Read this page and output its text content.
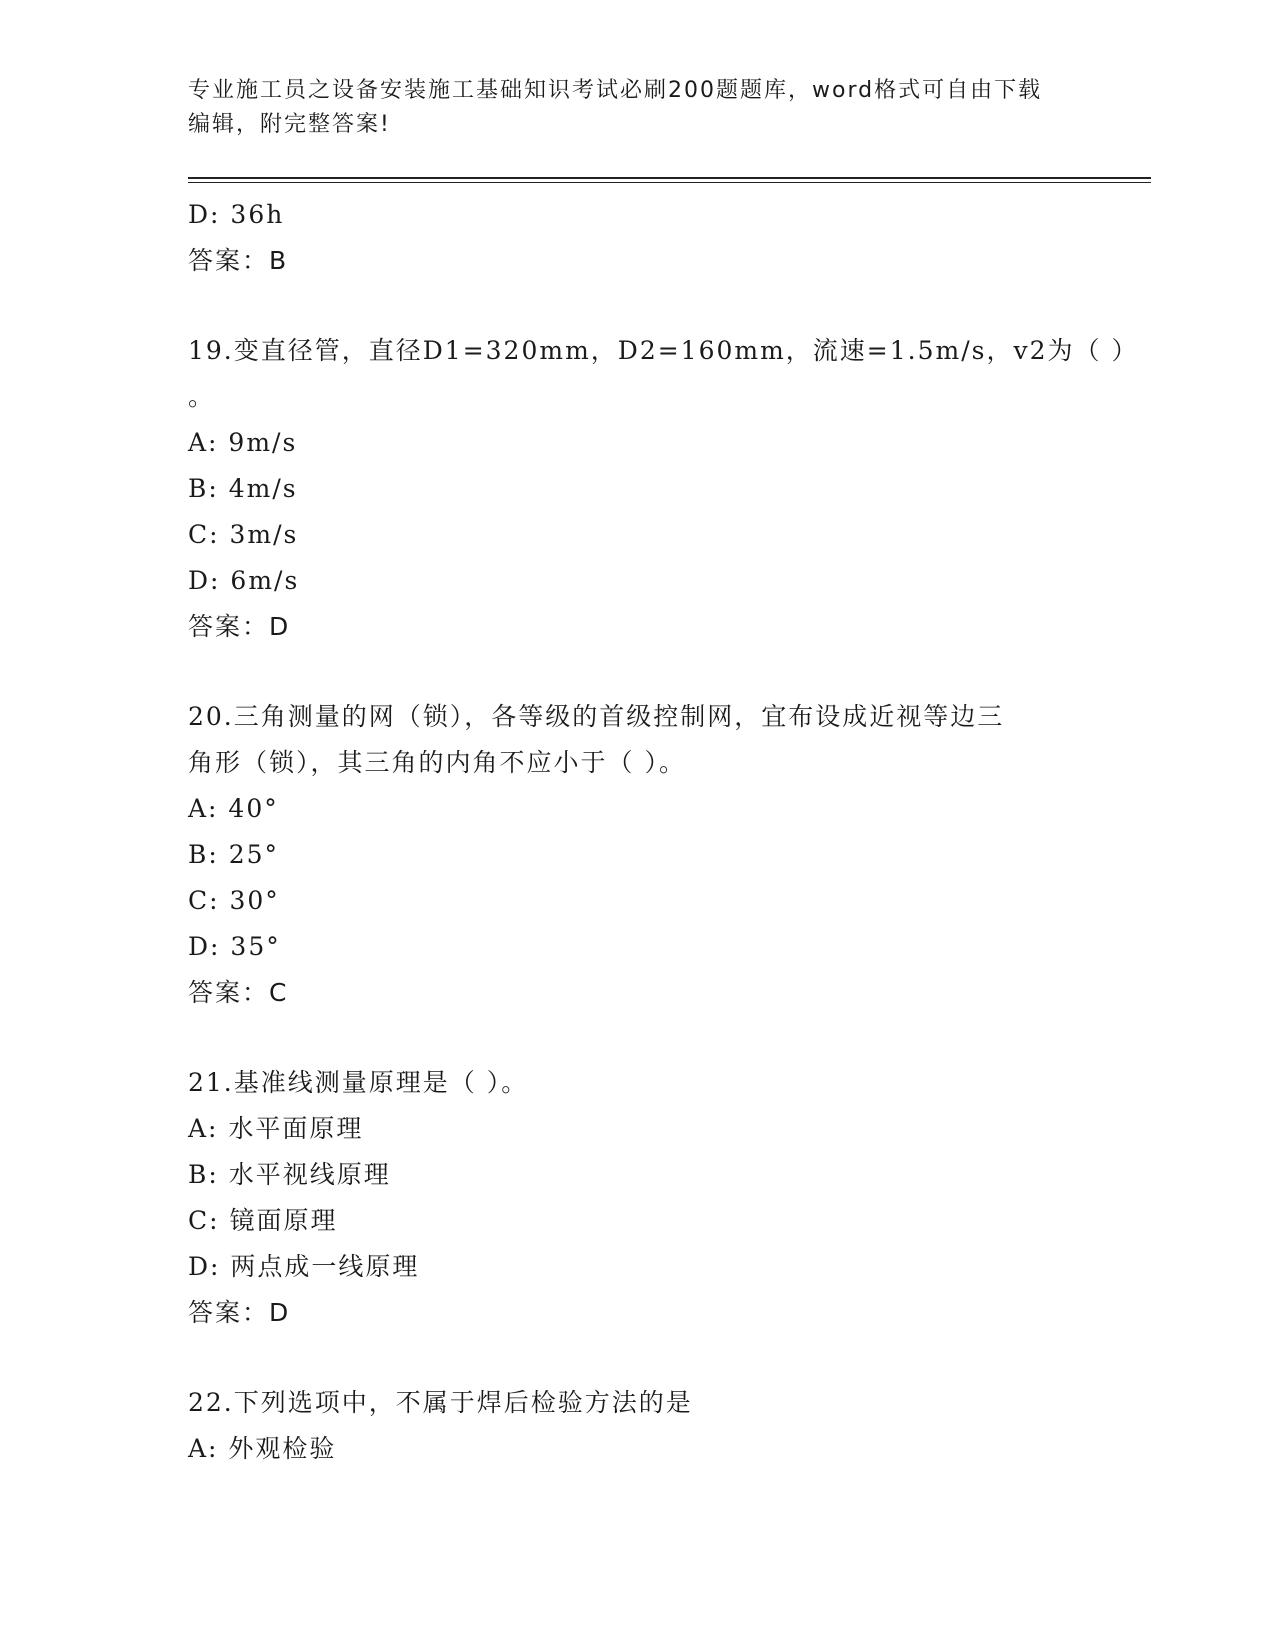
专业施工员之设备安装施工基础知识考试必刷200题题库，word格式可自由下载
编辑，附完整答案!
D: 36h
答案：B
19.变直径管，直径D1=320mm，D2=160mm，流速=1.5m/s，v2为（ ）
。
A: 9m/s
B: 4m/s
C: 3m/s
D: 6m/s
答案：D
20.三角测量的网（锁），各等级的首级控制网，宜布设成近视等边三
角形（锁），其三角的内角不应小于（ ）。
A: 40°
B: 25°
C: 30°
D: 35°
答案：C
21.基准线测量原理是（ ）。
A: 水平面原理
B: 水平视线原理
C: 镜面原理
D: 两点成一线原理
答案：D
22.下列选项中，不属于焊后检验方法的是
A: 外观检验
